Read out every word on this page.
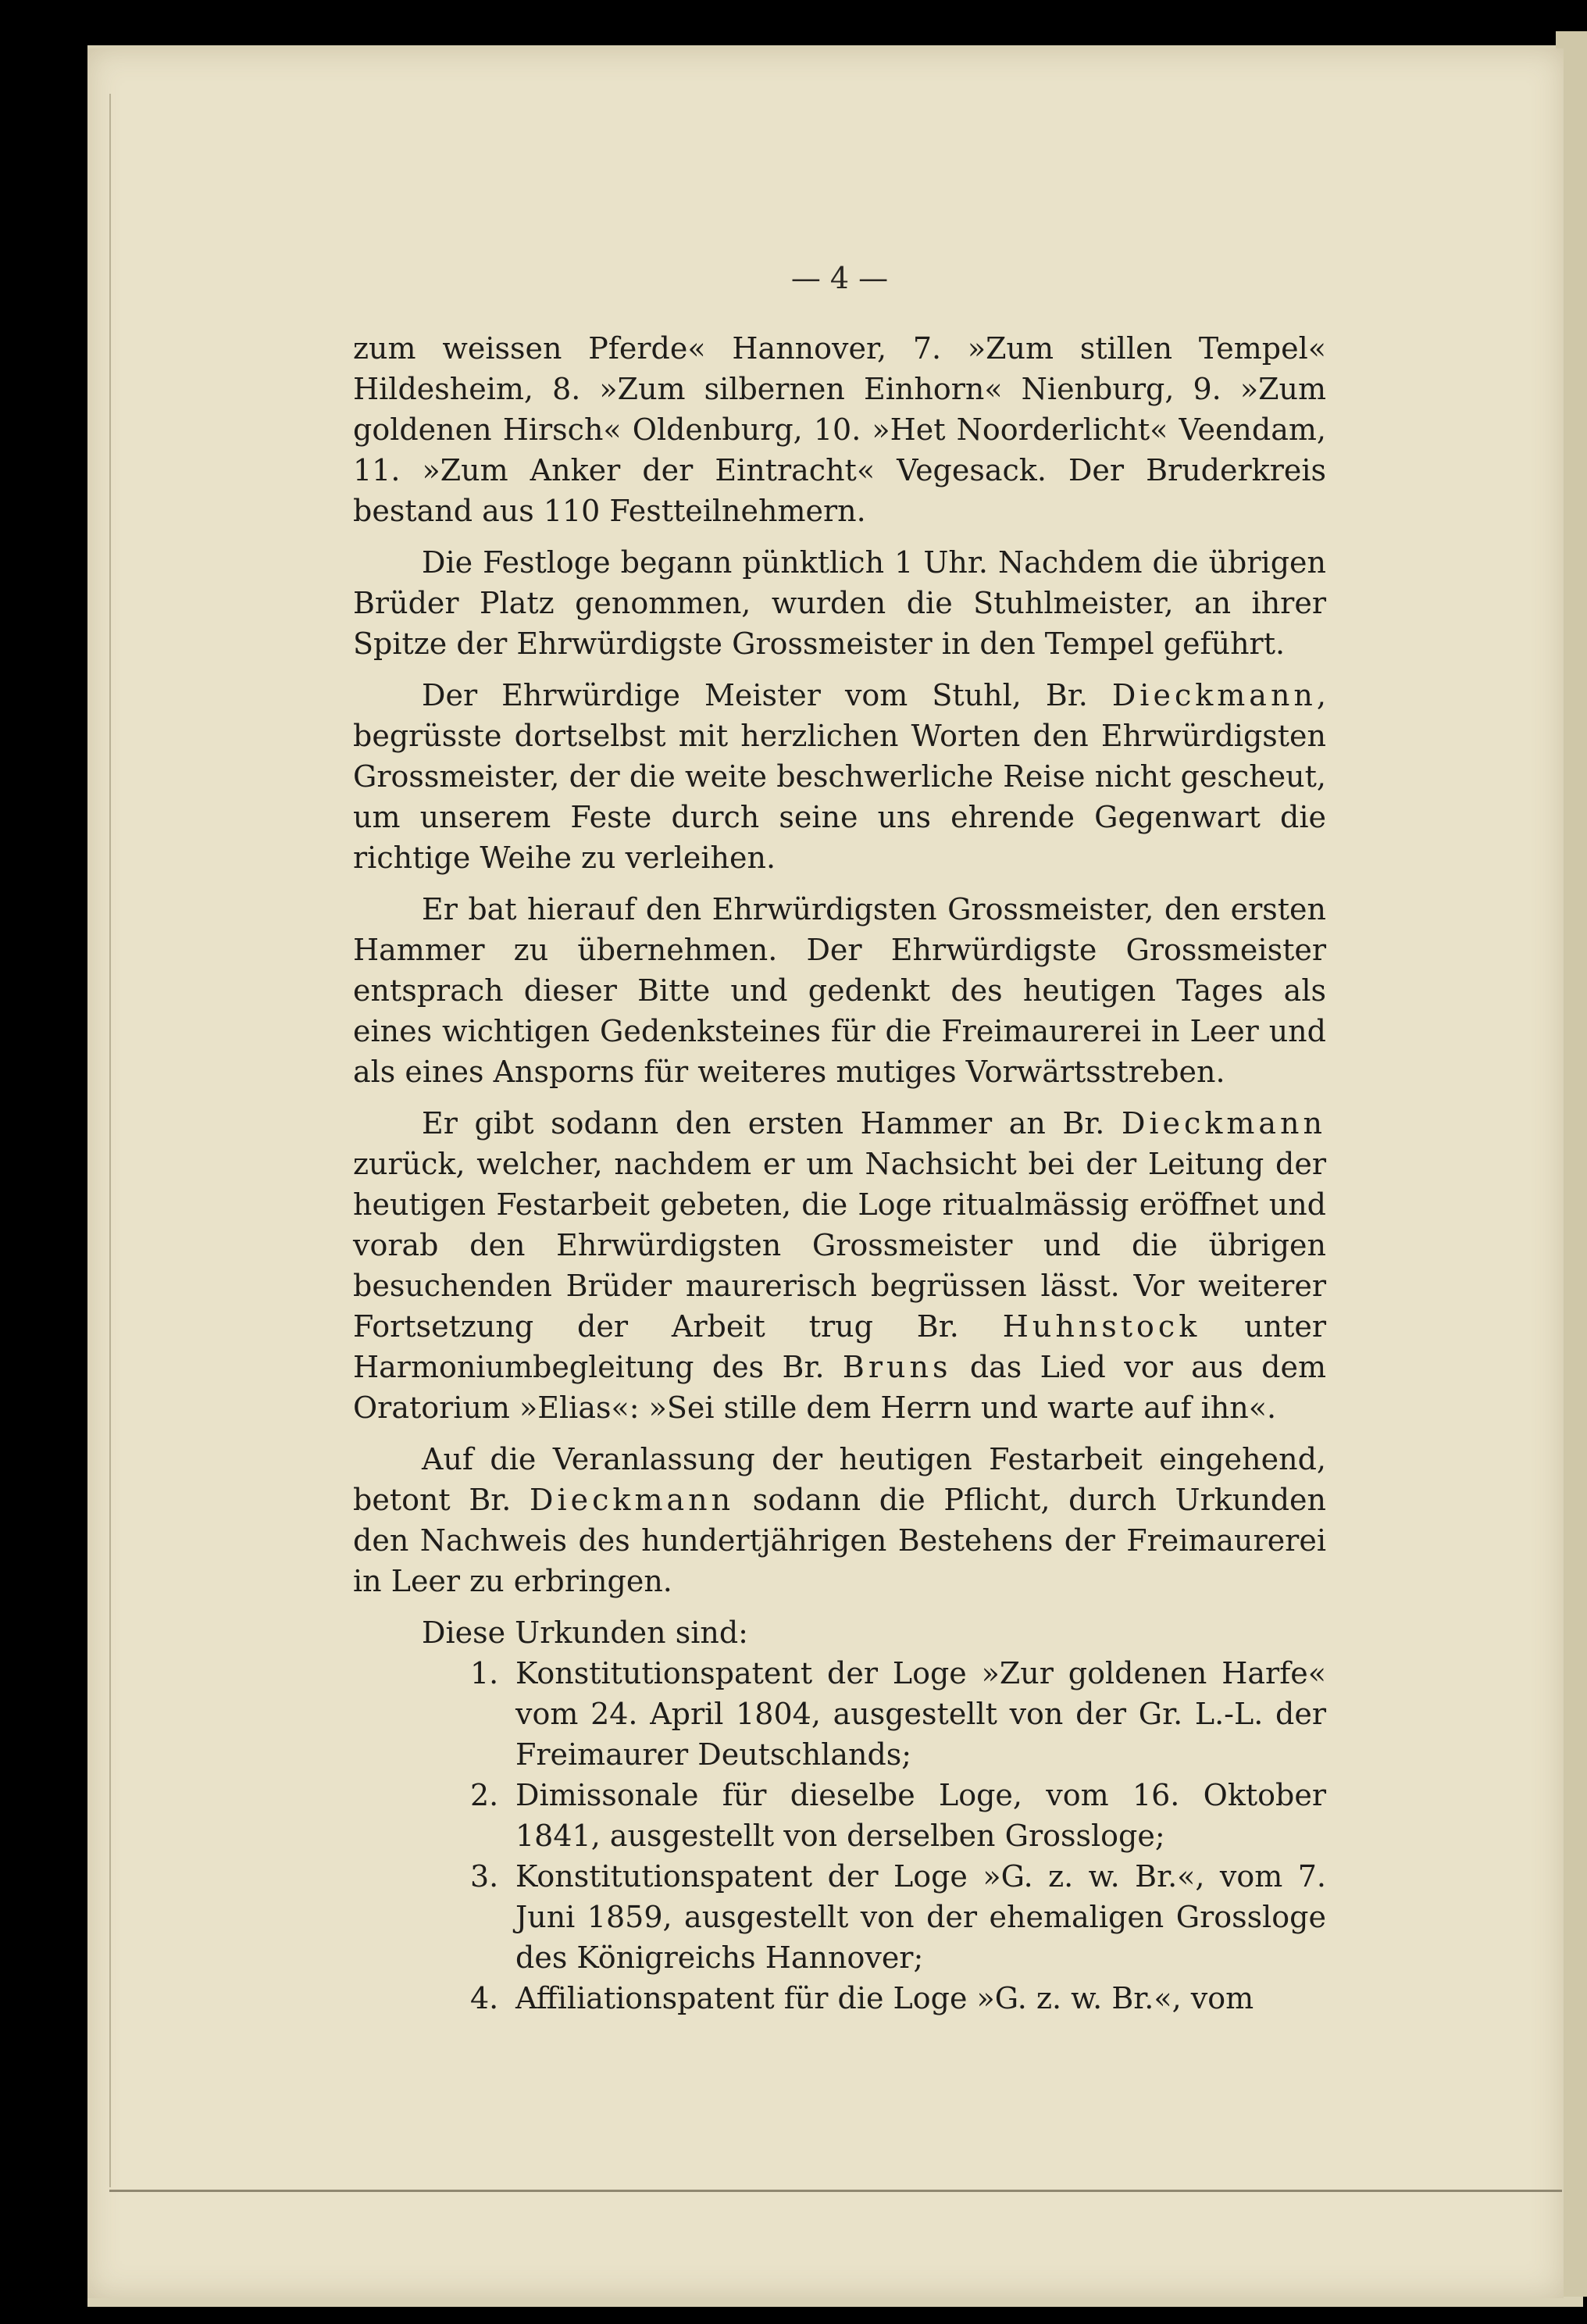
— 4 —

zum weissen Pferde« Hannover, 7. »Zum stillen Tempel« Hildesheim, 8. »Zum silbernen Einhorn« Nienburg, 9. »Zum goldenen Hirsch« Oldenburg, 10. »Het Noorderlicht« Veendam, 11. »Zum Anker der Eintracht« Vegesack. Der Bruderkreis bestand aus 110 Festteilnehmern.

Die Festloge begann pünktlich 1 Uhr. Nachdem die übrigen Brüder Platz genommen, wurden die Stuhlmeister, an ihrer Spitze der Ehrwürdigste Grossmeister in den Tempel geführt.

Der Ehrwürdige Meister vom Stuhl, Br. Dieckmann, begrüsste dortselbst mit herzlichen Worten den Ehrwürdigsten Grossmeister, der die weite beschwerliche Reise nicht gescheut, um unserem Feste durch seine uns ehrende Gegenwart die richtige Weihe zu verleihen.

Er bat hierauf den Ehrwürdigsten Grossmeister, den ersten Hammer zu übernehmen. Der Ehrwürdigste Grossmeister entsprach dieser Bitte und gedenkt des heutigen Tages als eines wichtigen Gedenksteines für die Freimaurerei in Leer und als eines Ansporns für weiteres mutiges Vorwärtsstreben.

Er gibt sodann den ersten Hammer an Br. Dieckmann zurück, welcher, nachdem er um Nachsicht bei der Leitung der heutigen Festarbeit gebeten, die Loge ritualmässig eröffnet und vorab den Ehrwürdigsten Grossmeister und die übrigen besuchenden Brüder maurerisch begrüssen lässt. Vor weiterer Fortsetzung der Arbeit trug Br. Huhnstock unter Harmoniumbegleitung des Br. Bruns das Lied vor aus dem Oratorium »Elias«: »Sei stille dem Herrn und warte auf ihn«.

Auf die Veranlassung der heutigen Festarbeit eingehend, betont Br. Dieckmann sodann die Pflicht, durch Urkunden den Nachweis des hundertjährigen Bestehens der Freimaurerei in Leer zu erbringen.

Diese Urkunden sind:

1. Konstitutionspatent der Loge »Zur goldenen Harfe« vom 24. April 1804, ausgestellt von der Gr. L.-L. der Freimaurer Deutschlands;
2. Dimissonale für dieselbe Loge, vom 16. Oktober 1841, ausgestellt von derselben Grossloge;
3. Konstitutionspatent der Loge »G. z. w. Br.«, vom 7. Juni 1859, ausgestellt von der ehemaligen Grossloge des Königreichs Hannover;
4. Affiliationspatent für die Loge »G. z. w. Br.«, vom
